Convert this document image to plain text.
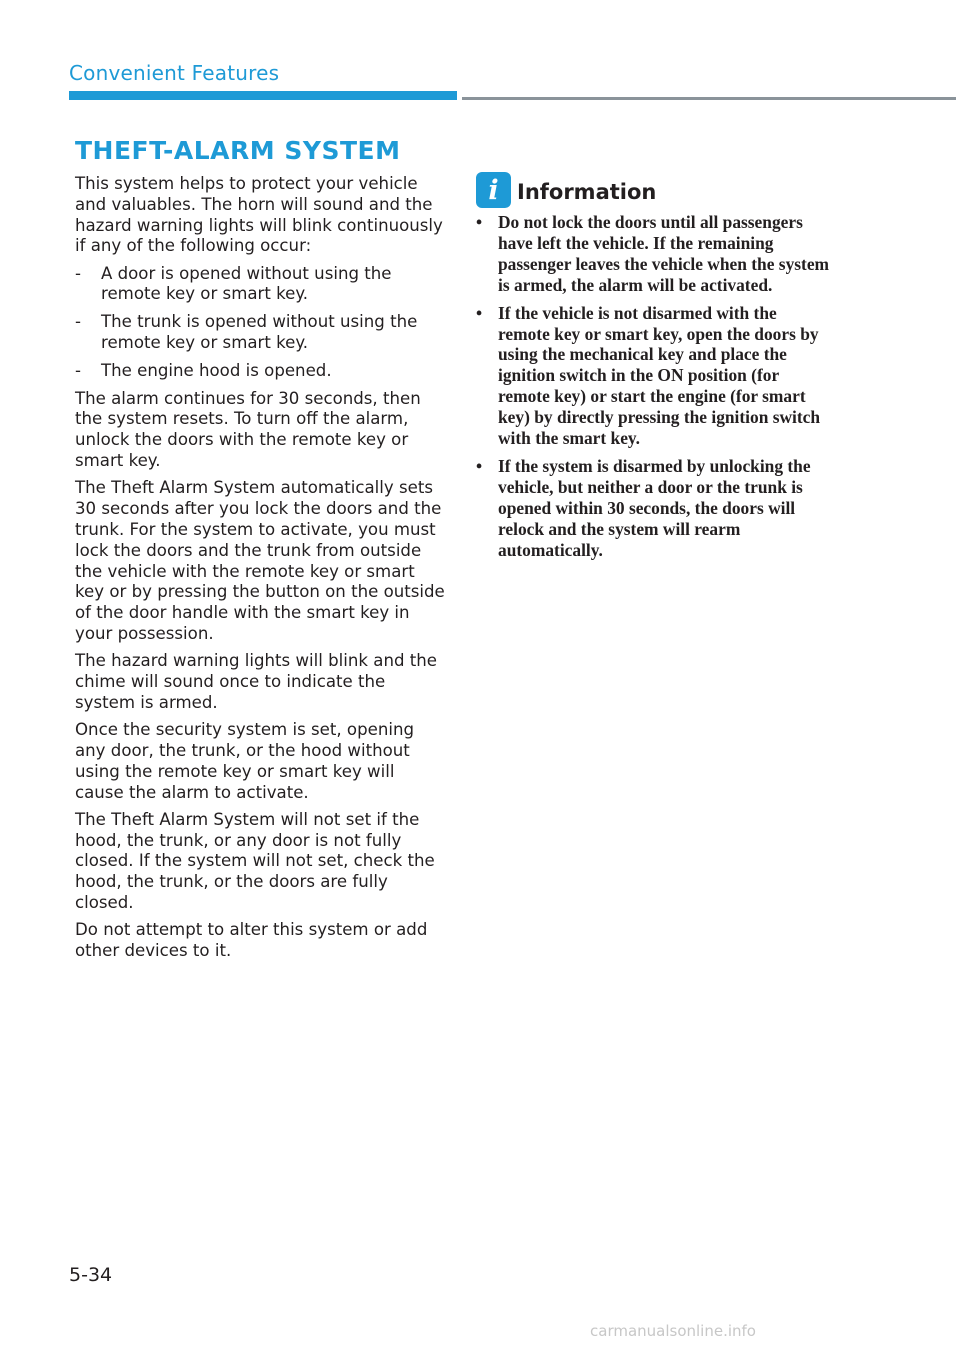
Convenient Features
THEFT-ALARM SYSTEM

This system helps to protect your vehicle and valuables. The horn will sound and the hazard warning lights will blink continuously if any of the following occur:

- A door is opened without using the remote key or smart key.
- The trunk is opened without using the remote key or smart key.
- The engine hood is opened.

The alarm continues for 30 seconds, then the system resets. To turn off the alarm, unlock the doors with the remote key or smart key.

The Theft Alarm System automatically sets 30 seconds after you lock the doors and the trunk. For the system to activate, you must lock the doors and the trunk from outside the vehicle with the remote key or smart key or by pressing the button on the outside of the door handle with the smart key in your possession.

The hazard warning lights will blink and the chime will sound once to indicate the system is armed.

Once the security system is set, opening any door, the trunk, or the hood without using the remote key or smart key will cause the alarm to activate.

The Theft Alarm System will not set if the hood, the trunk, or any door is not fully closed. If the system will not set, check the hood, the trunk, or the doors are fully closed.

Do not attempt to alter this system or add other devices to it.

i Information
• Do not lock the doors until all passengers have left the vehicle. If the remaining passenger leaves the vehicle when the system is armed, the alarm will be activated.
• If the vehicle is not disarmed with the remote key or smart key, open the doors by using the mechanical key and place the ignition switch in the ON position (for remote key) or start the engine (for smart key) by directly pressing the ignition switch with the smart key.
• If the system is disarmed by unlocking the vehicle, but neither a door or the trunk is opened within 30 seconds, the doors will relock and the system will rearm automatically.
5-34
carmanualsonline.info
